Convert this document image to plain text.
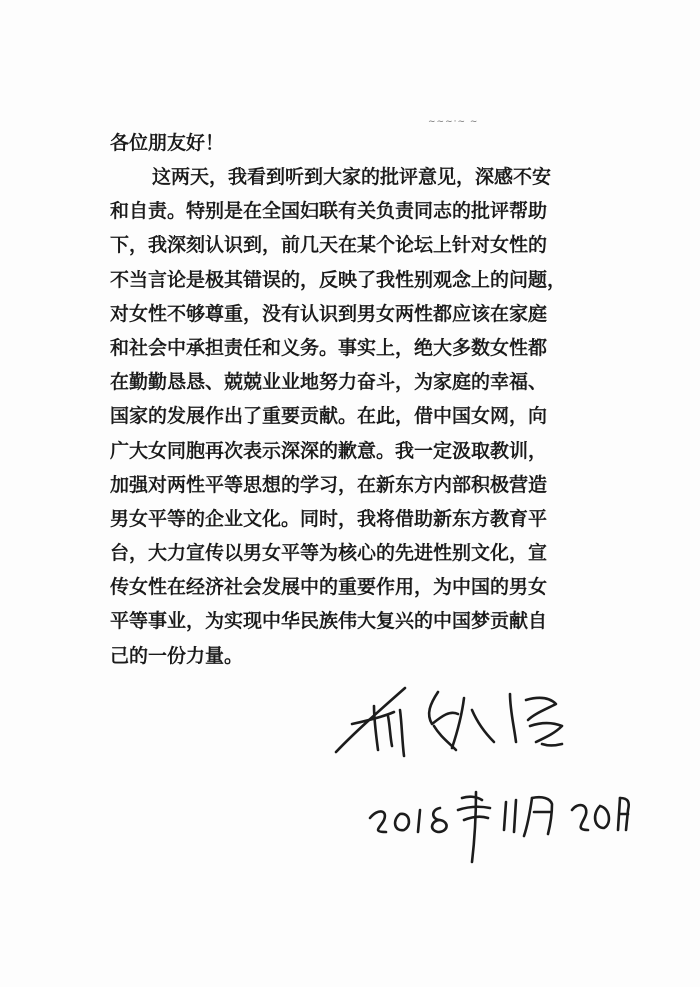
~~~·~ ~
各位朋友好！
这两天，我看到听到大家的批评意见，深感不安
和自责。特别是在全国妇联有关负责同志的批评帮助
下，我深刻认识到，前几天在某个论坛上针对女性的
不当言论是极其错误的，反映了我性别观念上的问题，
对女性不够尊重，没有认识到男女两性都应该在家庭
和社会中承担责任和义务。事实上，绝大多数女性都
在勤勤恳恳、兢兢业业地努力奋斗，为家庭的幸福、
国家的发展作出了重要贡献。在此，借中国女网，向
广大女同胞再次表示深深的歉意。我一定汲取教训，
加强对两性平等思想的学习，在新东方内部积极营造
男女平等的企业文化。同时，我将借助新东方教育平
台，大力宣传以男女平等为核心的先进性别文化，宣
传女性在经济社会发展中的重要作用，为中国的男女
平等事业，为实现中华民族伟大复兴的中国梦贡献自
己的一份力量。
